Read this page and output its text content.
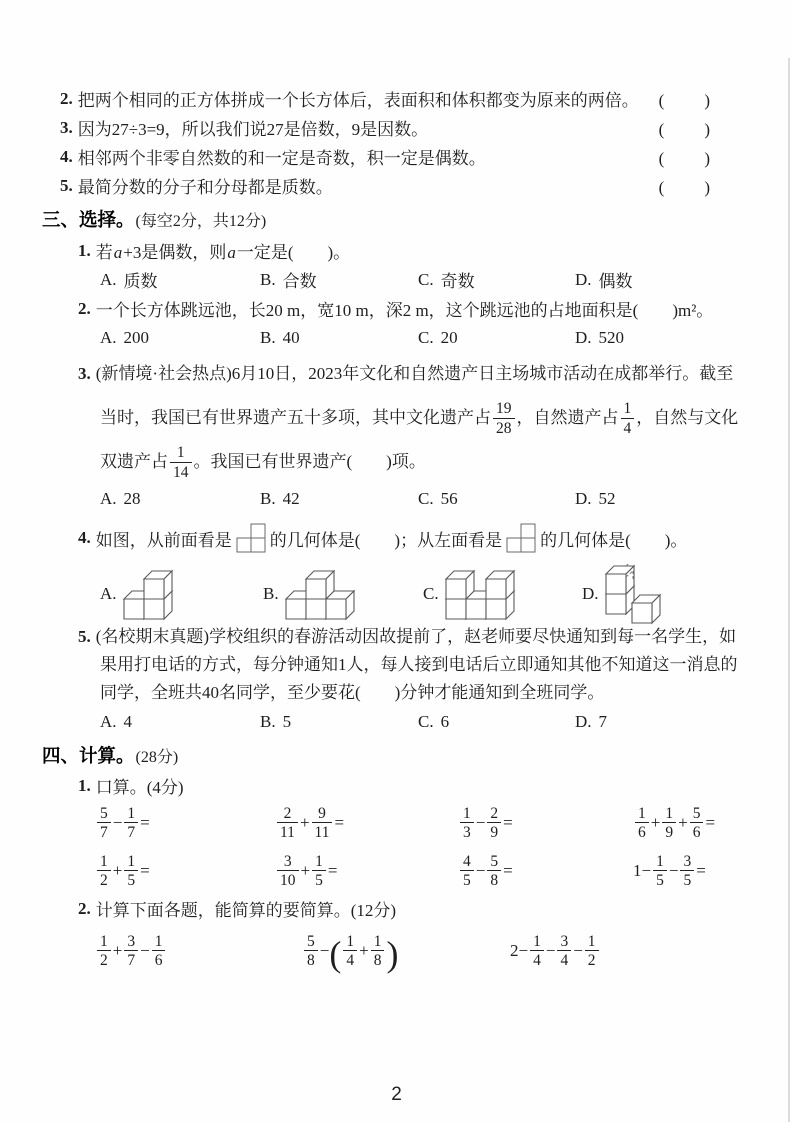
2. 把两个相同的正方体拼成一个长方体后，表面积和体积都变为原来的两倍。 (　　)
3. 因为27÷3=9，所以我们说27是倍数，9是因数。	(　　)
4. 相邻两个非零自然数的和一定是奇数，积一定是偶数。	(　　)
5. 最简分数的分子和分母都是质数。	(　　)
三、选择。 (每空2分，共12分)
1. 若a+3是偶数，则a一定是(　　)。
A. 质数	B. 合数	C. 奇数	D. 偶数
2. 一个长方体跳远池，长20 m，宽10 m，深2 m，这个跳远池的占地面积是(　　)m²。
A. 200	B. 40	C. 20	D. 520
3. (新情境·社会热点)6月10日，2023年文化和自然遗产日主场城市活动在成都举行。截至当时，我国已有世界遗产五十多项，其中文化遗产占 $\frac{19}{28}$ ，自然遗产占 $\frac{1}{4}$ ，自然与文化双遗产占 $\frac{1}{14}$ 。我国已有世界遗产(　　)项。
A. 28	B. 42	C. 56	D. 52
4. 如图，从前面看是 的几何体是(　　)；从左面看是 的几何体是(　　)。
A.	B.	C.	D.
5. (名校期末真题)学校组织的春游活动因故提前了，赵老师要尽快通知到每一名学生，如果用打电话的方式，每分钟通知1人，每人接到电话后立即通知其他不知道这一消息的同学，全班共40名同学，至少要花(　　)分钟才能通知到全班同学。
A. 4	B. 5	C. 6	D. 7
四、计算。 (28分)
1. 口算。 (4分)
$\frac{5}{7} - \frac{1}{7}$ =	$\frac{2}{11} + \frac{9}{11}$ =	$\frac{1}{3} - \frac{2}{9}$ =	$\frac{1}{6} + \frac{1}{9} + \frac{5}{6}$ =
$\frac{1}{2} + \frac{1}{5}$ =	$\frac{3}{10} + \frac{1}{5}$ =	$\frac{4}{5} - \frac{5}{8}$ =	$1- \frac{1}{5} - \frac{3}{5}$ =
2. 计算下面各题，能简算的要简算。 (12分)
$\frac{1}{2} + \frac{3}{7} - \frac{1}{6}$	$\frac{5}{8}$ −( $\frac{1}{4} + \frac{1}{8}$ )	$2- \frac{1}{4} - \frac{3}{4} - \frac{1}{2}$
2
